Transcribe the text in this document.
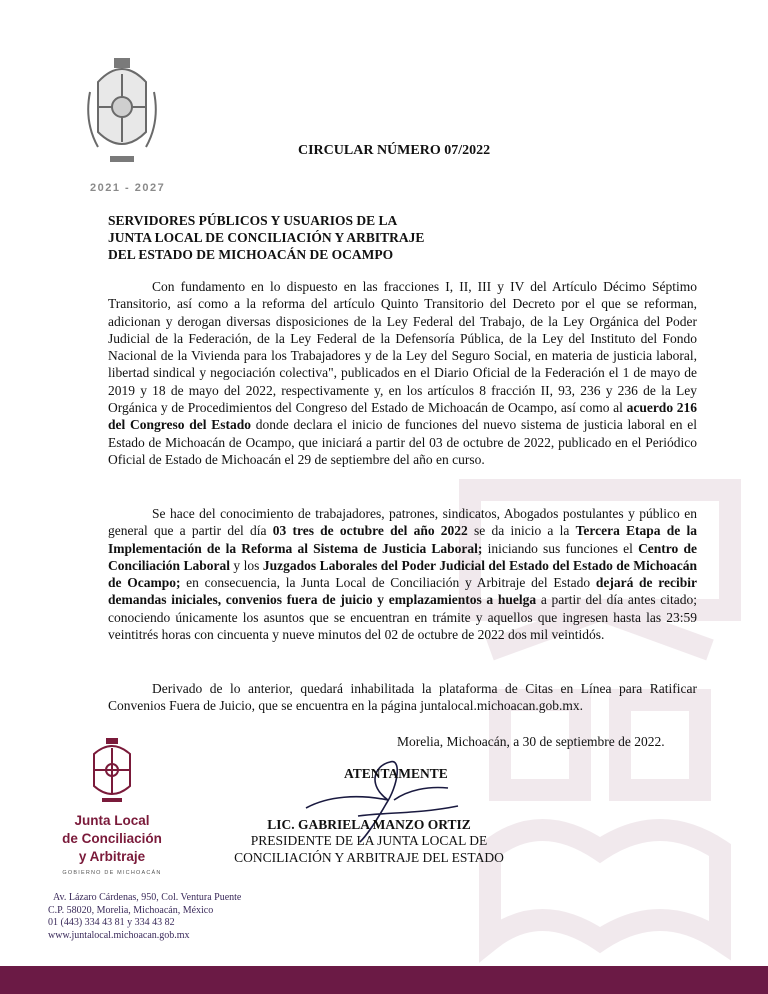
2021 - 2027
CIRCULAR NÚMERO 07/2022
SERVIDORES PÚBLICOS Y USUARIOS DE LA
JUNTA LOCAL DE CONCILIACIÓN Y ARBITRAJE
DEL ESTADO DE MICHOACÁN DE OCAMPO

Con fundamento en lo dispuesto en las fracciones I, II, III y IV del Artículo Décimo Séptimo Transitorio, así como a la reforma del artículo Quinto Transitorio del Decreto por el que se reforman, adicionan y derogan diversas disposiciones de la Ley Federal del Trabajo, de la Ley Orgánica del Poder Judicial de la Federación, de la Ley Federal de la Defensoría Pública, de la Ley del Instituto del Fondo Nacional de la Vivienda para los Trabajadores y de la Ley del Seguro Social, en materia de justicia laboral, libertad sindical y negociación colectiva", publicados en el Diario Oficial de la Federación el 1 de mayo de 2019 y 18 de mayo del 2022, respectivamente y, en los artículos 8 fracción II, 93, 236 y 236 de la Ley Orgánica y de Procedimientos del Congreso del Estado de Michoacán de Ocampo, así como al acuerdo 216 del Congreso del Estado donde declara el inicio de funciones del nuevo sistema de justicia laboral en el Estado de Michoacán de Ocampo, que iniciará a partir del 03 de octubre de 2022, publicado en el Periódico Oficial de Estado de Michoacán el 29 de septiembre del año en curso.

Se hace del conocimiento de trabajadores, patrones, sindicatos, Abogados postulantes y público en general que a partir del día 03 tres de octubre del año 2022 se da inicio a la Tercera Etapa de la Implementación de la Reforma al Sistema de Justicia Laboral; iniciando sus funciones el Centro de Conciliación Laboral y los Juzgados Laborales del Poder Judicial del Estado del Estado de Michoacán de Ocampo; en consecuencia, la Junta Local de Conciliación y Arbitraje del Estado dejará de recibir demandas iniciales, convenios fuera de juicio y emplazamientos a huelga a partir del día antes citado; conociendo únicamente los asuntos que se encuentran en trámite y aquellos que ingresen hasta las 23:59 veintitrés horas con cincuenta y nueve minutos del 02 de octubre de 2022 dos mil veintidós.

Derivado de lo anterior, quedará inhabilitada la plataforma de Citas en Línea para Ratificar Convenios Fuera de Juicio, que se encuentra en la página juntalocal.michoacan.gob.mx.

Morelia, Michoacán, a 30 de septiembre de 2022.
ATENTAMENTE
LIC. GABRIELA MANZO ORTIZ
PRESIDENTE DE LA JUNTA LOCAL DE
CONCILIACIÓN Y ARBITRAJE DEL ESTADO
Junta Local
de Conciliación
y Arbitraje
GOBIERNO DE MICHOACÁN
Av. Lázaro Cárdenas, 950, Col. Ventura Puente
C.P. 58020, Morelia, Michoacán, México
01 (443) 334 43 81 y 334 43 82
www.juntalocal.michoacan.gob.mx
